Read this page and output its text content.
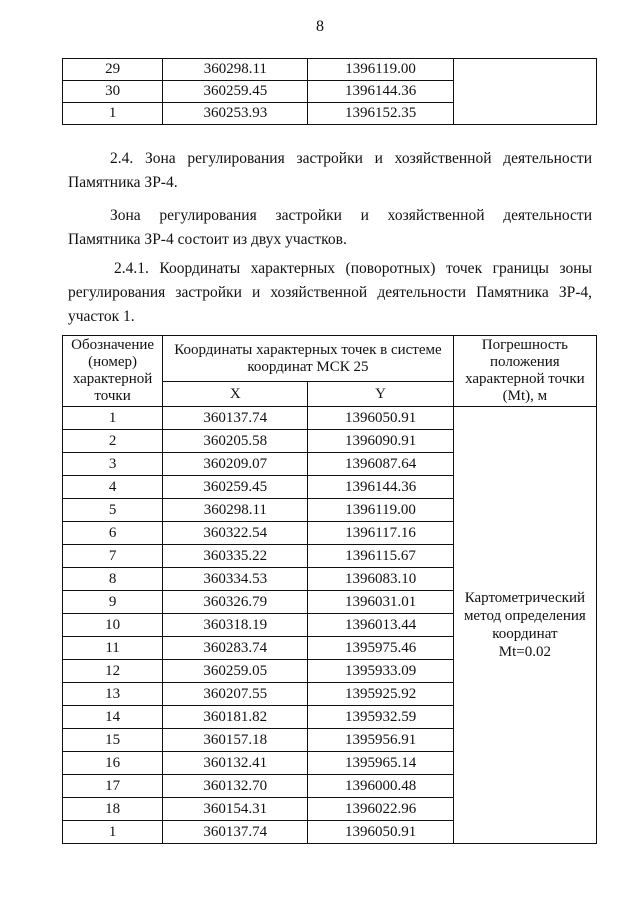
8
29	360298.11	1396119.00	
30	360259.45	1396144.36	
1	360253.93	1396152.35	

2.4. Зона регулирования застройки и хозяйственной деятельности Памятника ЗР-4.

Зона регулирования застройки и хозяйственной деятельности Памятника ЗР-4 состоит из двух участков.

2.4.1. Координаты характерных (поворотных) точек границы зоны регулирования застройки и хозяйственной деятельности Памятника ЗР-4, участок 1.

Обозначение (номер) характерной точки	Координаты характерных точек в системе координат МСК 25		Погрешность положения характерной точки (Mt), м
	X	Y	
1	360137.74	1396050.91	Картометрический метод определения координат
Mt=0.02

2	360205.58	1396090.91	
3	360209.07	1396087.64	
4	360259.45	1396144.36	
5	360298.11	1396119.00	
6	360322.54	1396117.16	
7	360335.22	1396115.67	
8	360334.53	1396083.10	
9	360326.79	1396031.01	
10	360318.19	1396013.44	
11	360283.74	1395975.46	
12	360259.05	1395933.09	
13	360207.55	1395925.92	
14	360181.82	1395932.59	
15	360157.18	1395956.91	
16	360132.41	1395965.14	
17	360132.70	1396000.48	
18	360154.31	1396022.96	
1	360137.74	1396050.91	
